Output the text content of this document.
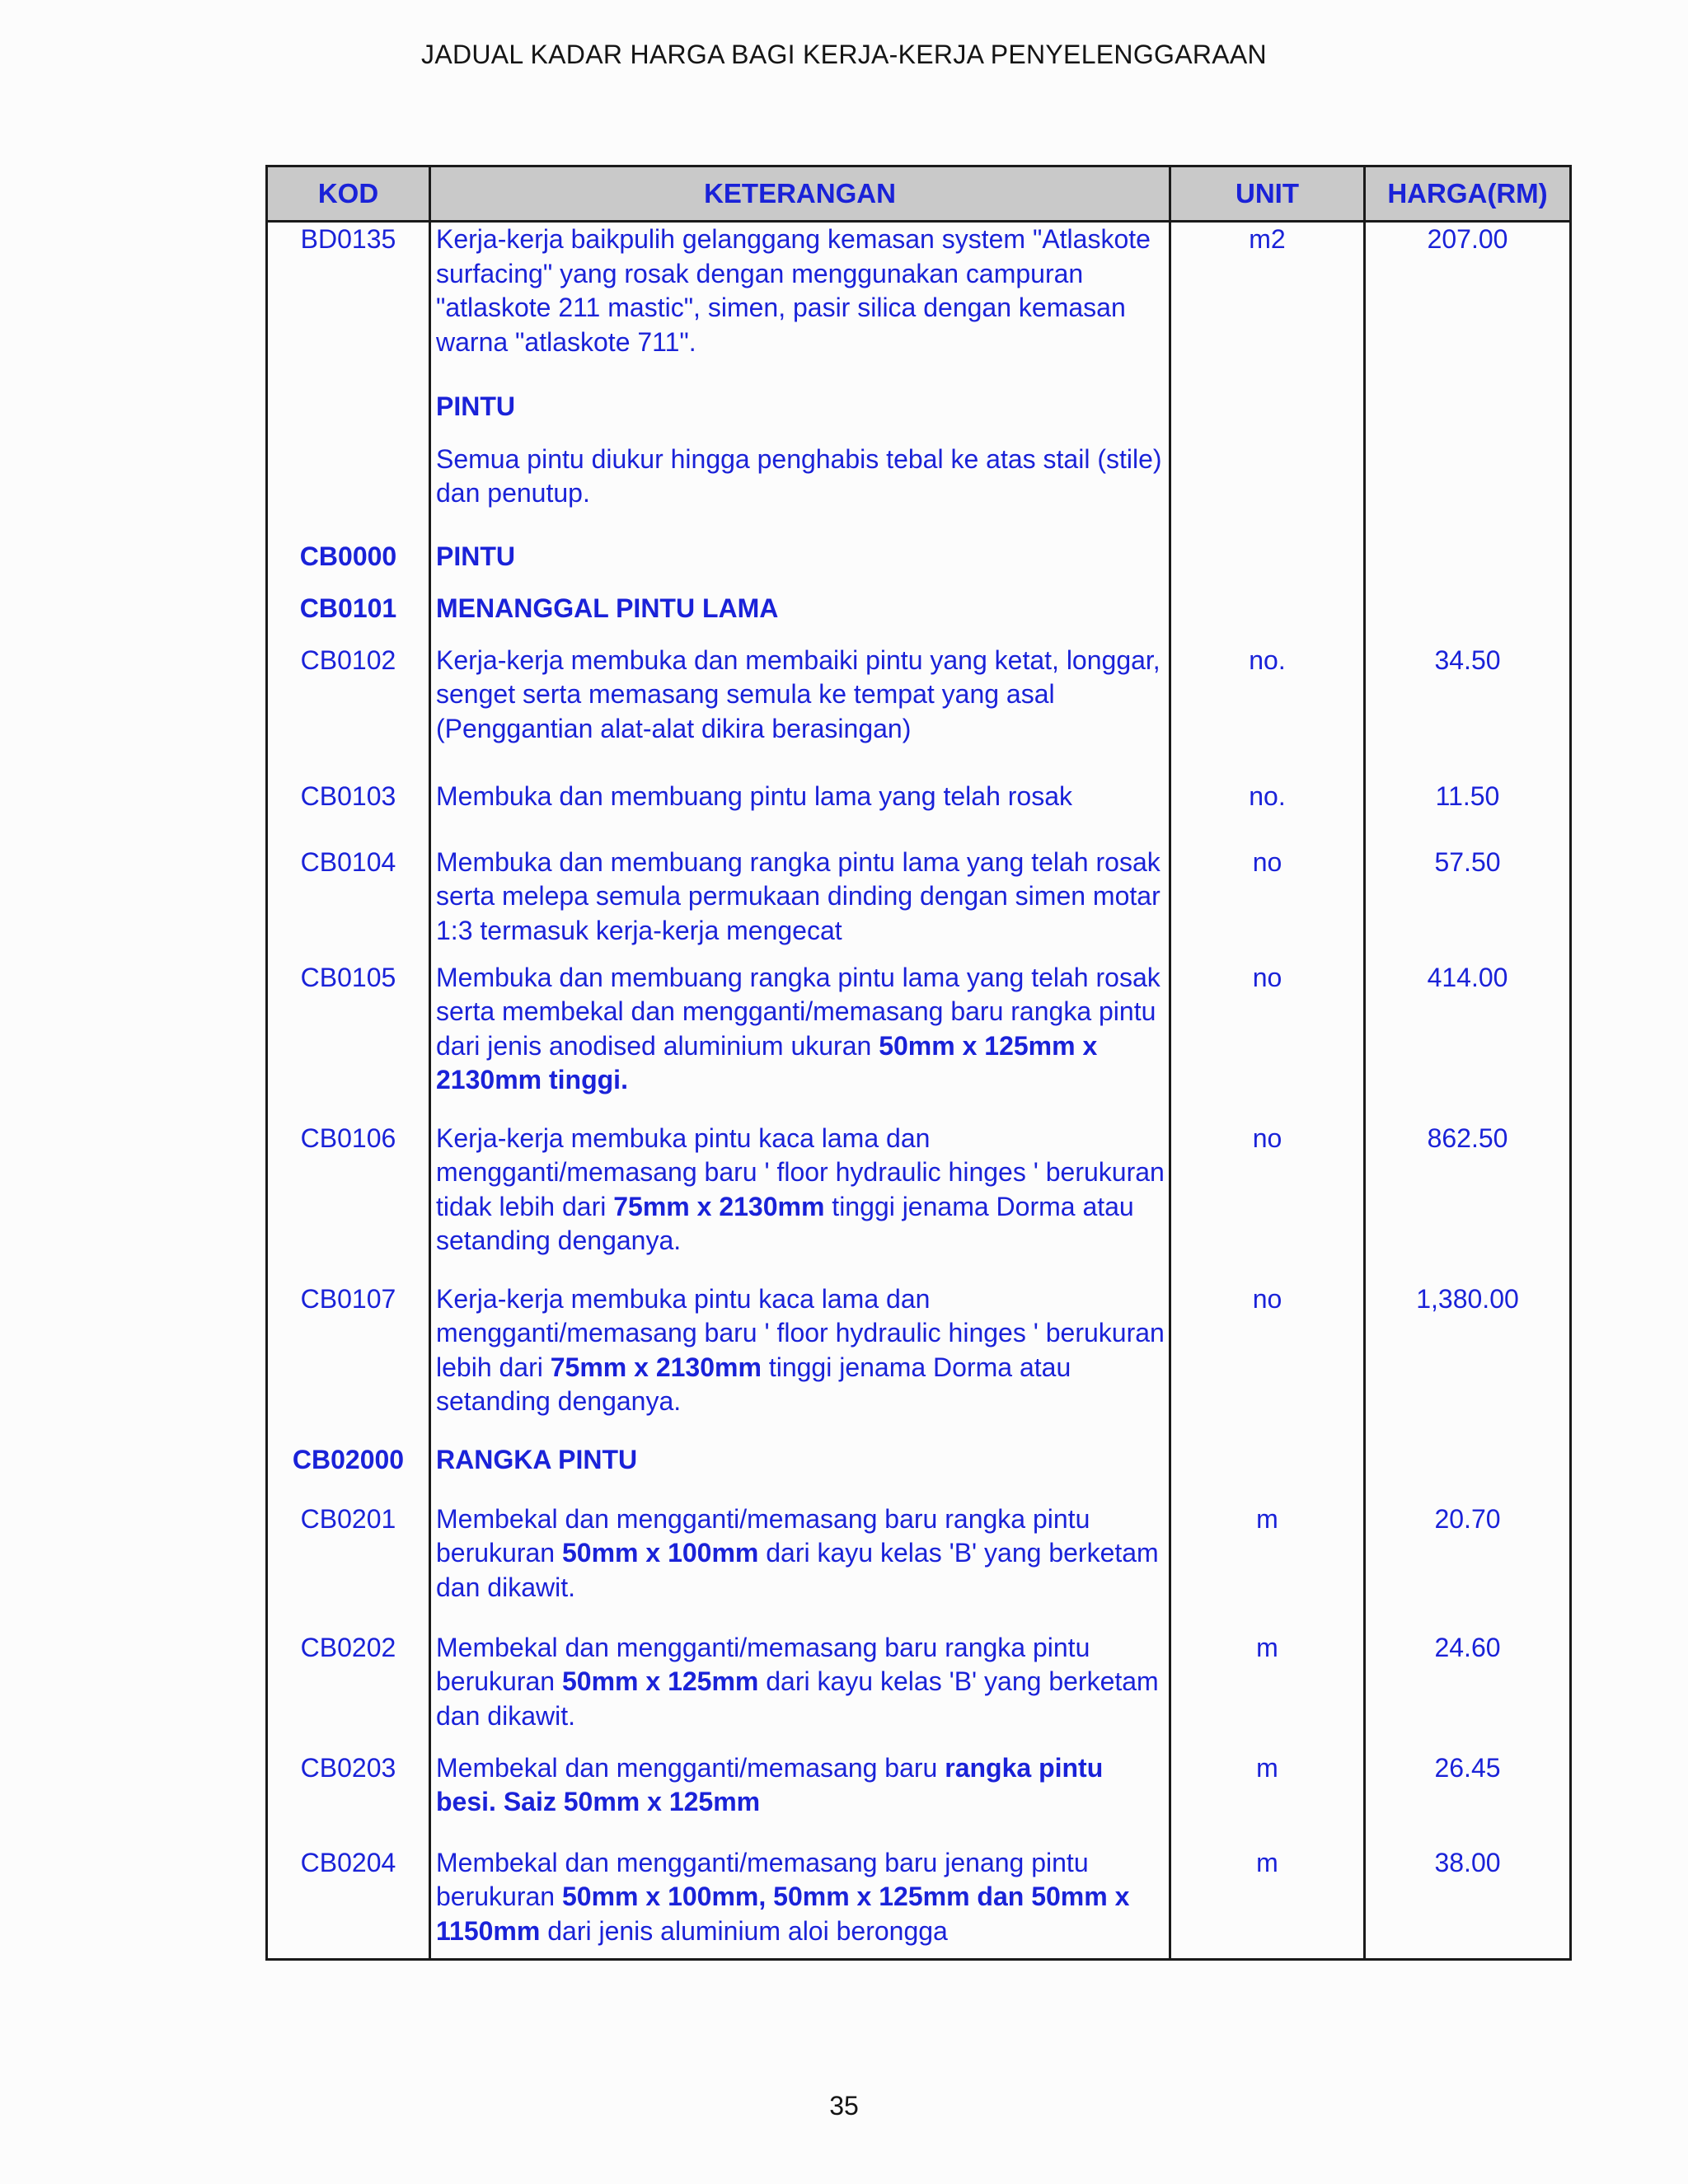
JADUAL KADAR HARGA BAGI KERJA-KERJA PENYELENGGARAAN
KOD	KETERANGAN	UNIT	HARGA(RM)
BD0135	Kerja-kerja baikpulih gelanggang kemasan system "Atlaskote surfacing" yang rosak dengan menggunakan campuran "atlaskote 211 mastic", simen, pasir silica dengan kemasan warna "atlaskote 711".	m2	207.00
	PINTU		
	Semua pintu diukur hingga penghabis tebal ke atas stail (stile) dan penutup.		
CB0000	PINTU		
CB0101	MENANGGAL PINTU LAMA		
CB0102	Kerja-kerja membuka dan membaiki pintu yang ketat, longgar, senget serta memasang semula ke tempat yang asal (Penggantian alat-alat dikira berasingan)	no.	34.50
CB0103	Membuka dan membuang pintu lama yang telah rosak	no.	11.50
CB0104	Membuka dan membuang rangka pintu lama yang telah rosak serta melepa semula permukaan dinding dengan simen motar 1:3 termasuk kerja-kerja mengecat	no	57.50
CB0105	Membuka dan membuang rangka pintu lama yang telah rosak serta membekal dan mengganti/memasang baru rangka pintu dari jenis anodised aluminium ukuran 50mm x 125mm x 2130mm tinggi.	no	414.00
CB0106	Kerja-kerja membuka pintu kaca lama dan mengganti/memasang baru ' floor hydraulic hinges ' berukuran tidak lebih dari 75mm x 2130mm tinggi jenama Dorma atau setanding denganya.	no	862.50
CB0107	Kerja-kerja membuka pintu kaca lama dan mengganti/memasang baru ' floor hydraulic hinges ' berukuran lebih dari 75mm x 2130mm tinggi jenama Dorma atau setanding denganya.	no	1,380.00
CB02000	RANGKA PINTU		
CB0201	Membekal dan mengganti/memasang baru rangka pintu berukuran 50mm x 100mm dari kayu kelas 'B' yang berketam dan dikawit.	m	20.70
CB0202	Membekal dan mengganti/memasang baru rangka pintu berukuran 50mm x 125mm dari kayu kelas 'B' yang berketam dan dikawit.	m	24.60
CB0203	Membekal dan mengganti/memasang baru rangka pintu besi. Saiz 50mm x 125mm	m	26.45
CB0204	Membekal dan mengganti/memasang baru jenang pintu berukuran 50mm x 100mm, 50mm x 125mm dan 50mm x 1150mm dari jenis aluminium aloi berongga	m	38.00
35
